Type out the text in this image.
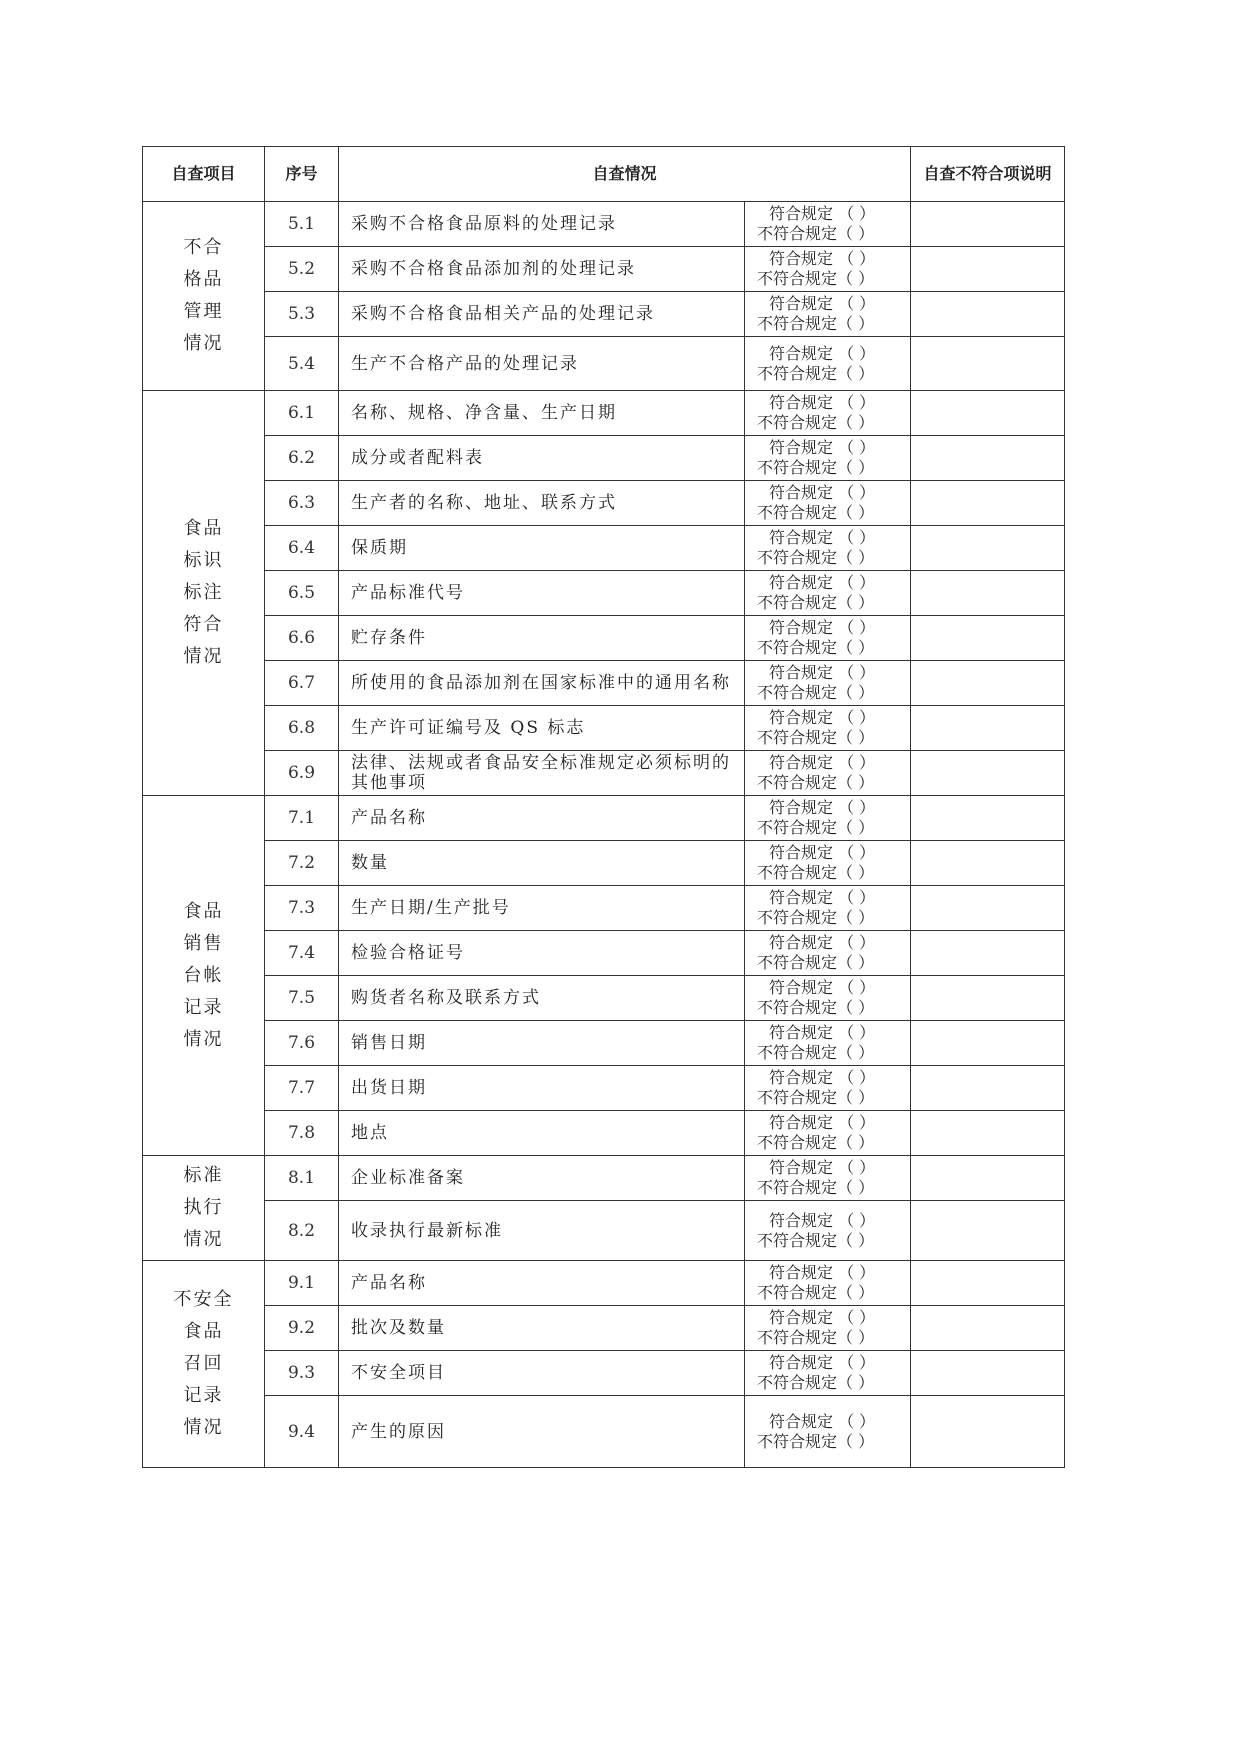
自查项目	序号	自查情况		自查不符合项说明
不合
格品
管理
情况	5.1	采购不合格食品原料的处理记录	符合规定 （ ）
不符合规定（ ）	

	5.2	采购不合格食品添加剂的处理记录	符合规定 （ ）
不符合规定（ ）	

	5.3	采购不合格食品相关产品的处理记录	符合规定 （ ）
不符合规定（ ）	

	5.4	生产不合格产品的处理记录	符合规定 （ ）
不符合规定（ ）	

食品
标识
标注
符合
情况	6.1	名称、规格、净含量、生产日期	符合规定 （ ）
不符合规定（ ）	

	6.2	成分或者配料表	符合规定 （ ）
不符合规定（ ）	

	6.3	生产者的名称、地址、联系方式	符合规定 （ ）
不符合规定（ ）	

	6.4	保质期	符合规定 （ ）
不符合规定（ ）	

	6.5	产品标准代号	符合规定 （ ）
不符合规定（ ）	

	6.6	贮存条件	符合规定 （ ）
不符合规定（ ）	

	6.7	所使用的食品添加剂在国家标准中的通用名称	符合规定 （ ）
不符合规定（ ）	

	6.8	生产许可证编号及 QS 标志	符合规定 （ ）
不符合规定（ ）	

	6.9	法律、法规或者食品安全标准规定必须标明的其他事项	符合规定 （ ）
不符合规定（ ）	

食品
销售
台帐
记录
情况	7.1	产品名称	符合规定 （ ）
不符合规定（ ）	

	7.2	数量	符合规定 （ ）
不符合规定（ ）	

	7.3	生产日期/生产批号	符合规定 （ ）
不符合规定（ ）	

	7.4	检验合格证号	符合规定 （ ）
不符合规定（ ）	

	7.5	购货者名称及联系方式	符合规定 （ ）
不符合规定（ ）	

	7.6	销售日期	符合规定 （ ）
不符合规定（ ）	

	7.7	出货日期	符合规定 （ ）
不符合规定（ ）	

	7.8	地点	符合规定 （ ）
不符合规定（ ）	

标准
执行
情况	8.1	企业标准备案	符合规定 （ ）
不符合规定（ ）	

	8.2	收录执行最新标准	符合规定 （ ）
不符合规定（ ）	

不安全
食品
召回
记录
情况	9.1	产品名称	符合规定 （ ）
不符合规定（ ）	

	9.2	批次及数量	符合规定 （ ）
不符合规定（ ）	

	9.3	不安全项目	符合规定 （ ）
不符合规定（ ）	

	9.4	产生的原因	符合规定 （ ）
不符合规定（ ）	
